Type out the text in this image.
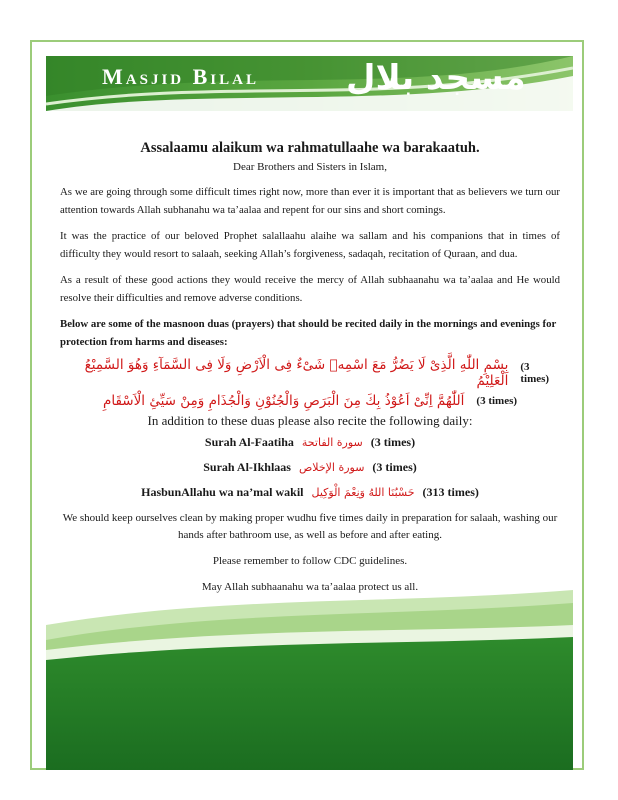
Masjid Bilal	مسجد بلال

Assalaamu alaikum wa rahmatullaahe wa barakaatuh.

Dear Brothers and Sisters in Islam,

As we are going through some difficult times right now, more than ever it is important that as believers we turn our attention towards Allah subhanahu wa ta’aalaa and repent for our sins and short comings.

It was the practice of our beloved Prophet salallaahu alaihe wa sallam and his companions that in times of difficulty they would resort to salaah, seeking Allah’s forgiveness, sadaqah, recitation of Quraan, and dua.

As a result of these good actions they would receive the mercy of Allah subhaanahu wa ta’aalaa and He would resolve their difficulties and remove adverse conditions.

Below are some of the masnoon duas (prayers) that should be recited daily in the mornings and evenings for protection from harms and diseases:

بِسْمِ اللّٰهِ الَّذِىْ لَا يَضُرُّ مَعَ اسْمِهٖ شَىْءٌ فِى الْاَرْضِ وَلَا فِى السَّمَآءِ وَهُوَ السَّمِيْعُ الْعَلِيْمُ
(3 times)
اَللّٰهُمَّ اِنِّىْ اَعُوْذُ بِكَ مِنَ الْبَرَصِ وَالْجُنُوْنِ وَالْجُذَامِ وَمِنْ سَيِّئِ الْاَسْقَامِ (3 times)

In addition to these duas please also recite the following daily:

Surah Al-Faatiha سورة الفاتحة (3 times)
Surah Al-Ikhlaas سورة الإخلاص (3 times)
HasbunAllahu wa na’mal wakil حَسْبُنَا اللهُ وَنِعْمَ الْوَكِيل (313 times)

We should keep ourselves clean by making proper wudhu five times daily in preparation for salaah, washing our hands after bathroom use, as well as before and after eating.

Please remember to follow CDC guidelines.

May Allah subhaanahu wa ta’aalaa protect us all.
